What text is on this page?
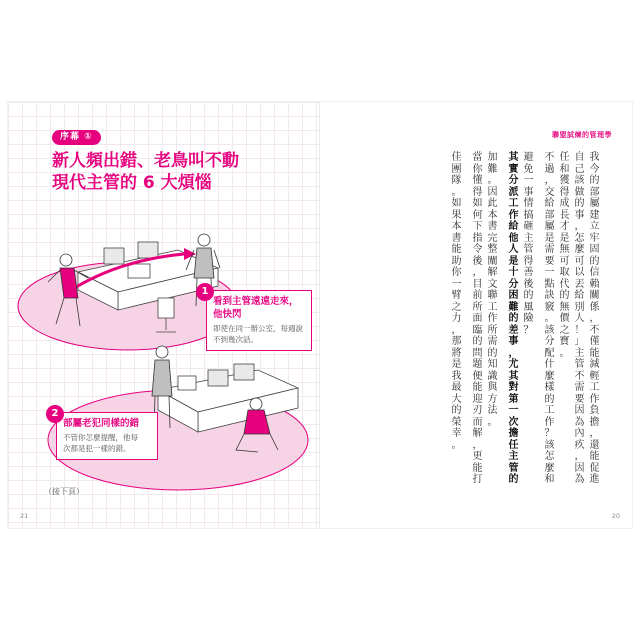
序幕 ①
新人頻出錯、老鳥叫不動
現代主管的 6 大煩惱
1
看到主管遠遠走來，
他快閃
即使在同一辦公室，每週說
不到幾次話。
2
部屬老犯同樣的錯
不管你怎麼提醒，他每
次都是犯一樣的錯。
（接下頁）
21
聯盟試煉的管理學
我
今
的
部
屬
建
立
牢
固
的
信
賴
關
係
，
不
僅
能
減
輕
工
作
負
擔
，
還
能
促
進
自
己
該
做
的
事
，
怎
麼
可
以
丟
給
別
人
！
」
主
管
不
需
要
因
為
內
疚
，
因
為
任
和
獲
得
成
長
才
是
無
可
取
代
的
無
價
之
寶
。
不
過
，
交
給
部
屬
是
需
要
一
點
訣
竅
。
該
分
配
什
麼
樣
的
工
作
？
該
怎
麼
和
避
免
一
事
情
搞
砸
主
管
得
善
後
的
風
險
？
其
實
分
派
工
作
給
他
人
是
十
分
困
難
的
差
事
，
尤
其
對
第
一
次
擔
任
主
管
的
加
難
。
因
此
本
書
完
整
闡
解
文
聯
工
作
所
需
的
知
識
與
方
法
。
當
你
懂
得
如
何
下
指
令
後
，
目
前
所
面
臨
的
問
題
便
能
迎
刃
而
解
，
更
能
打
佳
團
隊
。
如
果
本
書
能
助
你
一
臂
之
力
，
那
將
是
我
最
大
的
榮
幸
。
20
